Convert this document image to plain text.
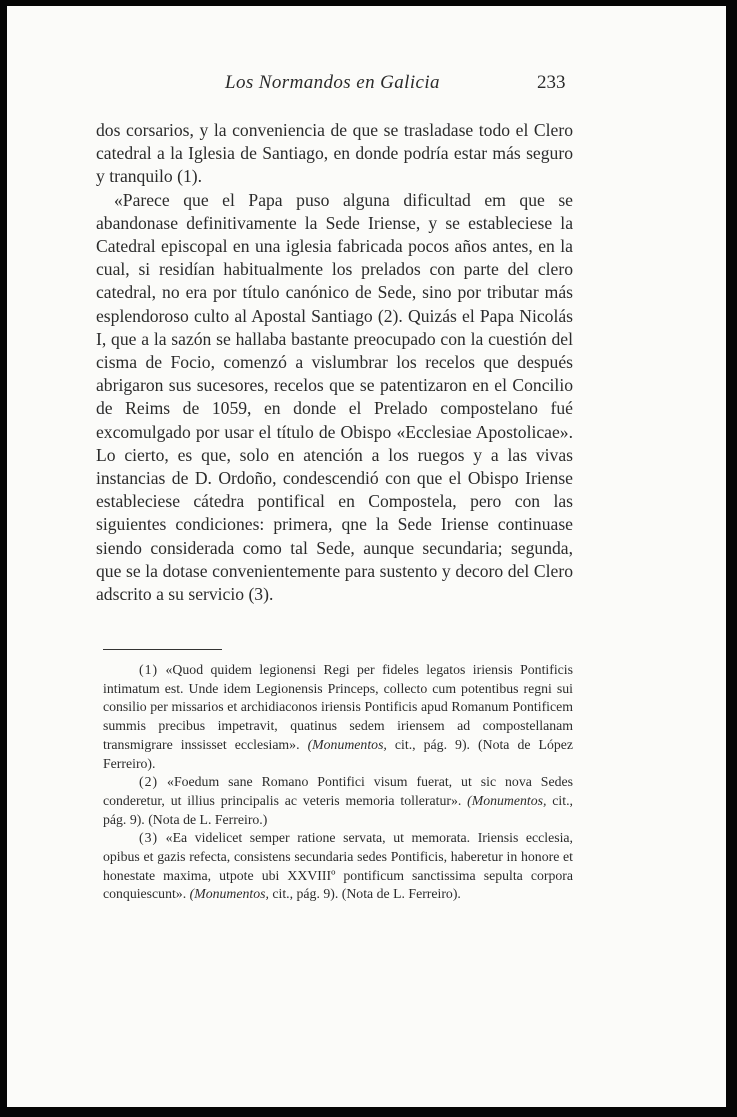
Los Normandos en Galicia	233

dos corsarios, y la conveniencia de que se trasladase todo el Clero catedral a la Iglesia de Santiago, en donde podría estar más seguro y tranquilo (1).

«Parece que el Papa puso alguna dificultad em que se abandonase definitivamente la Sede Iriense, y se estableciese la Catedral episcopal en una iglesia fabricada pocos años antes, en la cual, si residían habitualmente los prelados con parte del clero catedral, no era por título canónico de Sede, sino por tributar más esplendoroso culto al Apostal Santiago (2). Quizás el Papa Nicolás I, que a la sazón se hallaba bastante preocupado con la cuestión del cisma de Focio, comenzó a vislumbrar los recelos que después abrigaron sus sucesores, recelos que se patentizaron en el Concilio de Reims de 1059, en donde el Prelado compostelano fué excomulgado por usar el título de Obispo «Ecclesiae Apostolicae». Lo cierto, es que, solo en atención a los ruegos y a las vivas instancias de D. Ordoño, condescendió con que el Obispo Iriense estableciese cátedra pontifical en Compostela, pero con las siguientes condiciones: primera, qne la Sede Iriense continuase siendo considerada como tal Sede, aunque secundaria; segunda, que se la dotase convenientemente para sustento y decoro del Clero adscrito a su servicio (3).

(1) «Quod quidem legionensi Regi per fideles legatos iriensis Pontificis intimatum est. Unde idem Legionensis Princeps, collecto cum potentibus regni sui consilio per missarios et archidiaconos iriensis Pontificis apud Romanum Pontificem summis precibus impetravit, quatinus sedem iriensem ad compostellanam transmigrare inssisset ecclesiam». (Monumentos, cit., pág. 9). (Nota de López Ferreiro).

(2) «Foedum sane Romano Pontifici visum fuerat, ut sic nova Sedes conderetur, ut illius principalis ac veteris memoria tolleratur». (Monumentos, cit., pág. 9). (Nota de L. Ferreiro.)

(3) «Ea videlicet semper ratione servata, ut memorata. Iriensis ecclesia, opibus et gazis refecta, consistens secundaria sedes Pontificis, haberetur in honore et honestate maxima, utpote ubi XXVIIIº pontificum sanctissima sepulta corpora conquiescunt». (Monumentos, cit., pág. 9). (Nota de L. Ferreiro).
